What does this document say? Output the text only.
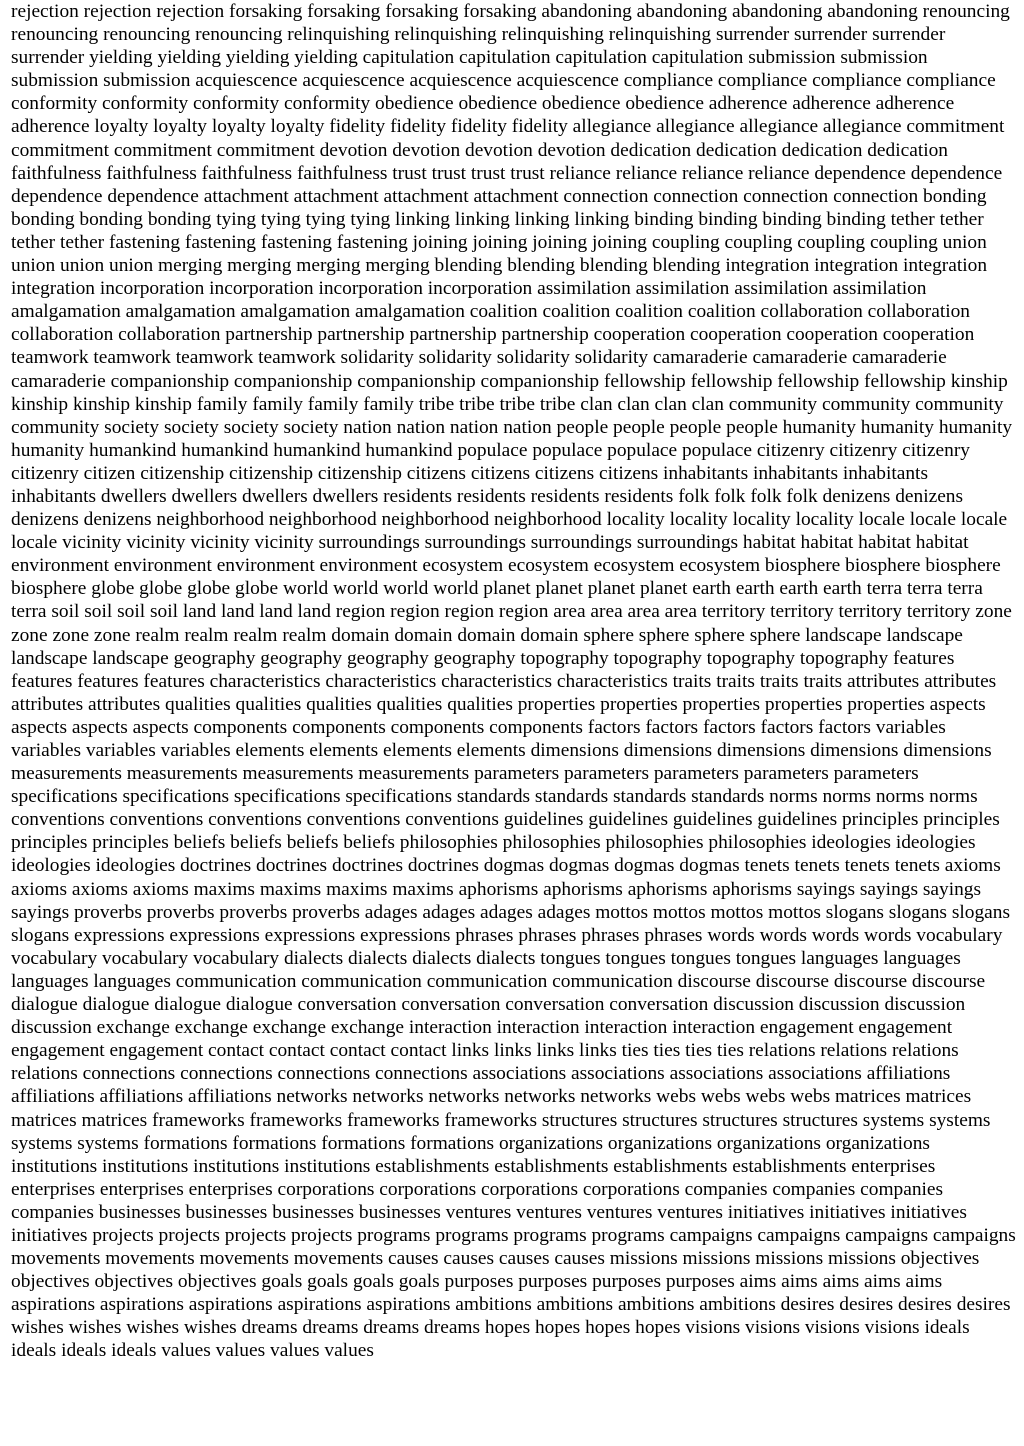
rejection rejection rejection forsaking forsaking forsaking forsaking abandoning abandoning abandoning abandoning renouncing renouncing renouncing renouncing relinquishing relinquishing relinquishing relinquishing surrender surrender surrender surrender yielding yielding yielding yielding capitulation capitulation capitulation capitulation submission submission submission submission acquiescence acquiescence acquiescence acquiescence compliance compliance compliance compliance conformity conformity conformity conformity obedience obedience obedience obedience adherence adherence adherence adherence loyalty loyalty loyalty loyalty fidelity fidelity fidelity fidelity allegiance allegiance allegiance allegiance commitment commitment commitment commitment devotion devotion devotion devotion dedication dedication dedication dedication faithfulness faithfulness faithfulness faithfulness trust trust trust trust reliance reliance reliance reliance dependence dependence dependence dependence attachment attachment attachment attachment connection connection connection connection bonding bonding bonding bonding tying tying tying tying linking linking linking linking binding binding binding binding tether tether tether tether fastening fastening fastening fastening joining joining joining joining coupling coupling coupling coupling union union union union merging merging merging merging blending blending blending blending integration integration integration integration incorporation incorporation incorporation incorporation assimilation assimilation assimilation assimilation amalgamation amalgamation amalgamation amalgamation coalition coalition coalition coalition collaboration collaboration collaboration collaboration partnership partnership partnership partnership cooperation cooperation cooperation cooperation teamwork teamwork teamwork teamwork solidarity solidarity solidarity solidarity camaraderie camaraderie camaraderie camaraderie companionship companionship companionship companionship fellowship fellowship fellowship fellowship kinship kinship kinship kinship family family family family tribe tribe tribe tribe clan clan clan clan community community community community society society society society nation nation nation nation people people people people humanity humanity humanity humanity humankind humankind humankind humankind populace populace populace populace citizenry citizenry citizenry citizenry citizen citizenship citizenship citizenship citizens citizens citizens citizens inhabitants inhabitants inhabitants inhabitants dwellers dwellers dwellers dwellers residents residents residents residents folk folk folk folk denizens denizens denizens denizens neighborhood neighborhood neighborhood neighborhood locality locality locality locality locale locale locale locale vicinity vicinity vicinity vicinity surroundings surroundings surroundings surroundings habitat habitat habitat habitat environment environment environment environment ecosystem ecosystem ecosystem ecosystem biosphere biosphere biosphere biosphere globe globe globe globe world world world world planet planet planet planet earth earth earth earth terra terra terra terra soil soil soil soil land land land land region region region region area area area area territory territory territory territory zone zone zone zone realm realm realm realm domain domain domain domain sphere sphere sphere sphere landscape landscape landscape landscape geography geography geography geography topography topography topography topography features features features features characteristics characteristics characteristics characteristics traits traits traits traits attributes attributes attributes attributes qualities qualities qualities qualities qualities properties properties properties properties properties aspects aspects aspects aspects components components components components factors factors factors factors factors variables variables variables variables elements elements elements elements dimensions dimensions dimensions dimensions dimensions measurements measurements measurements measurements parameters parameters parameters parameters parameters specifications specifications specifications specifications standards standards standards standards norms norms norms norms conventions conventions conventions conventions conventions guidelines guidelines guidelines guidelines principles principles principles principles beliefs beliefs beliefs beliefs philosophies philosophies philosophies philosophies ideologies ideologies ideologies ideologies doctrines doctrines doctrines doctrines dogmas dogmas dogmas dogmas tenets tenets tenets tenets axioms axioms axioms axioms maxims maxims maxims maxims aphorisms aphorisms aphorisms aphorisms sayings sayings sayings sayings proverbs proverbs proverbs proverbs adages adages adages adages mottos mottos mottos mottos slogans slogans slogans slogans expressions expressions expressions expressions phrases phrases phrases phrases words words words words vocabulary vocabulary vocabulary vocabulary dialects dialects dialects dialects tongues tongues tongues tongues languages languages languages languages communication communication communication communication discourse discourse discourse discourse dialogue dialogue dialogue dialogue conversation conversation conversation conversation discussion discussion discussion discussion exchange exchange exchange exchange interaction interaction interaction interaction engagement engagement engagement engagement contact contact contact contact links links links links ties ties ties ties relations relations relations relations connections connections connections connections associations associations associations associations affiliations affiliations affiliations affiliations networks networks networks networks networks webs webs webs webs matrices matrices matrices matrices frameworks frameworks frameworks frameworks structures structures structures structures systems systems systems systems formations formations formations formations organizations organizations organizations organizations institutions institutions institutions institutions establishments establishments establishments establishments enterprises enterprises enterprises enterprises corporations corporations corporations corporations companies companies companies companies businesses businesses businesses businesses ventures ventures ventures ventures initiatives initiatives initiatives initiatives projects projects projects projects programs programs programs programs campaigns campaigns campaigns campaigns movements movements movements movements causes causes causes causes missions missions missions missions objectives objectives objectives objectives goals goals goals goals purposes purposes purposes purposes aims aims aims aims aims aspirations aspirations aspirations aspirations aspirations ambitions ambitions ambitions ambitions desires desires desires desires wishes wishes wishes wishes dreams dreams dreams dreams hopes hopes hopes hopes visions visions visions visions ideals ideals ideals ideals values values values values
